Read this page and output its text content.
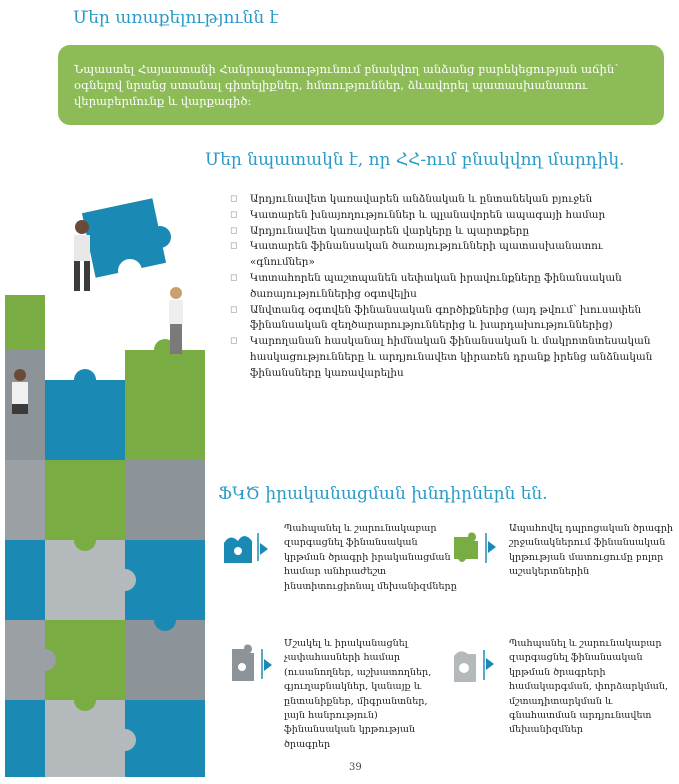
Մեր առաքելությունն է
Նպաստել Հայաստանի Հանրապետությունում բնակվող անձանց բարեկեցության աճին՝ օգնելով նրանց ստանալ գիտելիքներ, հմտություններ, ձևավորել պատասխանատու վերաբերմունք և վարքագիծ:
Մեր նպատակն է, որ ՀՀ-ում բնակվող մարդիկ.
◻ Արդյունավետ կառավարեն անձնական և ընտանեկան բյուջեն
◻ Կատարեն խնայողություններ և պլանավորեն ապագայի համար
◻ Արդյունավետ կառավարեն վարկերը և պարտքերը
◻ Կատարեն ֆինանսական ծառայությունների պատասխանատու «գնումներ»
◻ Կտտահորեն պաշտպանեն սեփական իրավունքները ֆինանսական ծառայություններից օգտվելիս
◻ Անվտանգ օգտվեն ֆինանսական գործիքներից (այդ թվում՝ խուսափեն ֆինանսական զեղծարարություններից և խարդախություններից)
◻ Կարողանան հասկանալ հիմնական ֆինանսական և մակրոտնտեսական հասկացությունները և արդյունավետ կիրառեն դրանք իրենց անձնական ֆինանսները կառավարելիս
ՖԿԾ իրականացման խնդիրներն են.
Պահպանել և շարունակաբար զարգացնել ֆինանսական կրթման ծրագրի իրականացման համար անհրաժեշտ ինստիտուցիոնալ մեխանիզմները
Ապահովել դպրոցական ծրագրի շրջանակներում ֆինանսական կրթության մատուցումը բոլոր աշակերտներին
Մշակել և իրականացնել չափահասների համար (ուսանողներ, աշխատողներ, գյուղաբնակներ, կանայք և ընտանիքներ, միգրանտներ, լայն հանրություն) ֆինանսական կրթության ծրագրեր
Պահպանել և շարունակաբար զարգացնել ֆինանսական կրթման ծրագրերի համակարգման, փորձարկման, մշտադիտարկման և գնահատման արդյունավետ մեխանիզմներ
39
